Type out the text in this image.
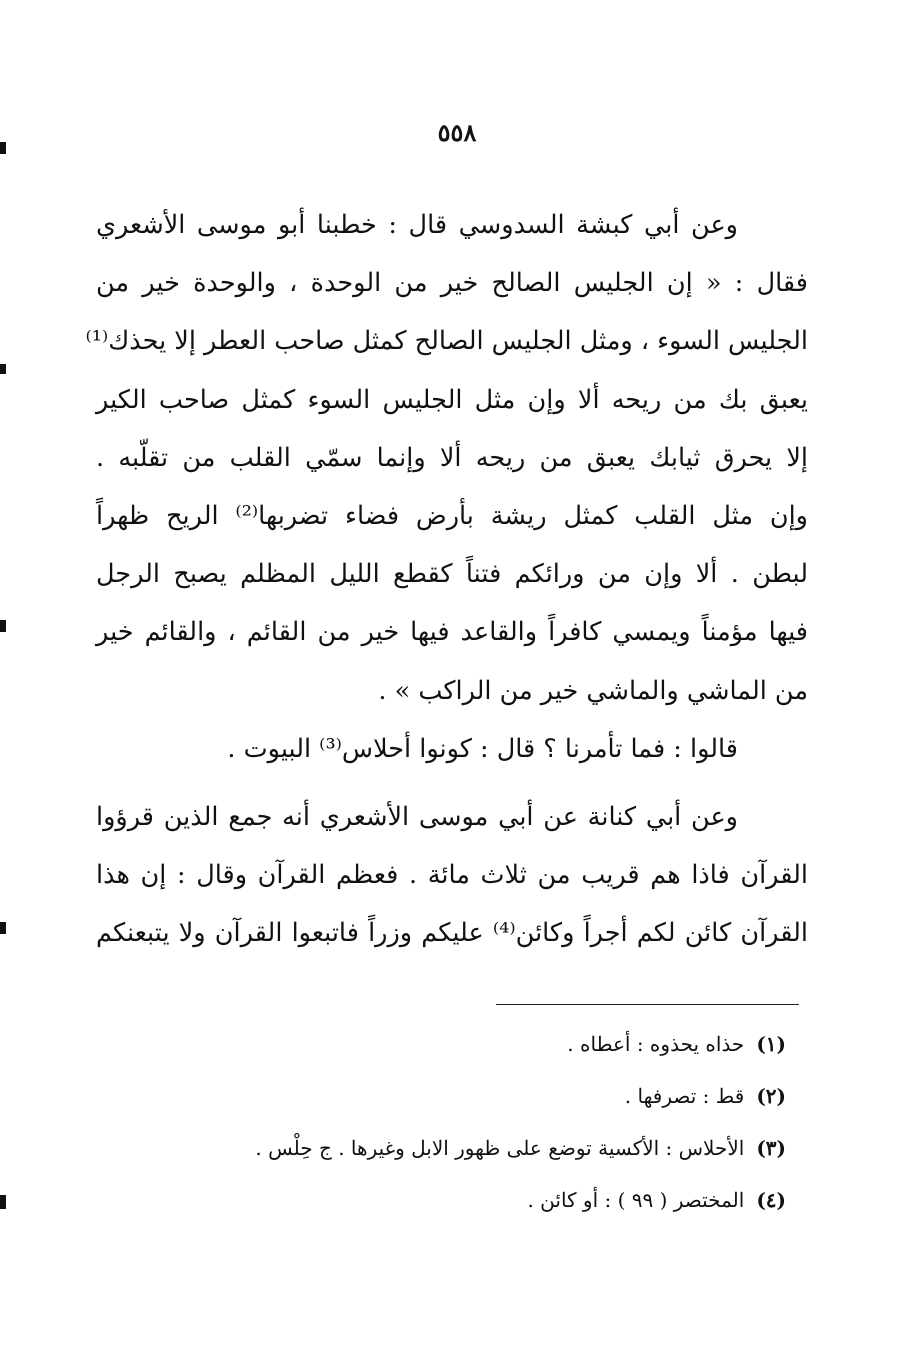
٥٥٨
وعن أبي كبشة السدوسي قال : خطبنا أبو موسى الأشعري
فقال : « إن الجليس الصالح خير من الوحدة ، والوحدة خير من
الجليس السوء ، ومثل الجليس الصالح كمثل صاحب العطر إلا يحذك⁽¹⁾
يعبق بك من ريحه ألا وإن مثل الجليس السوء كمثل صاحب الكير
إلا يحرق ثيابك يعبق من ريحه ألا وإنما سمّي القلب من تقلّبه .
وإن مثل القلب كمثل ريشة بأرض فضاء تضربها⁽²⁾ الريح ظهراً
لبطن . ألا وإن من ورائكم فتناً كقطع الليل المظلم يصبح الرجل
فيها مؤمناً ويمسي كافراً والقاعد فيها خير من القائم ، والقائم خير
من الماشي والماشي خير من الراكب » .
قالوا : فما تأمرنا ؟ قال : كونوا أحلاس⁽³⁾ البيوت .
وعن أبي كنانة عن أبي موسى الأشعري أنه جمع الذين قرؤوا
القرآن فاذا هم قريب من ثلاث مائة . فعظم القرآن وقال : إن هذا
القرآن كائن لكم أجراً وكائن⁽⁴⁾ عليكم وزراً فاتبعوا القرآن ولا يتبعنكم
(١)حذاه يحذوه : أعطاه .
(٢)قط : تصرفها .
(٣)الأحلاس : الأكسية توضع على ظهور الابل وغيرها . ج حِلْس .
(٤)المختصر ( ٩٩ ) : أو كائن .
